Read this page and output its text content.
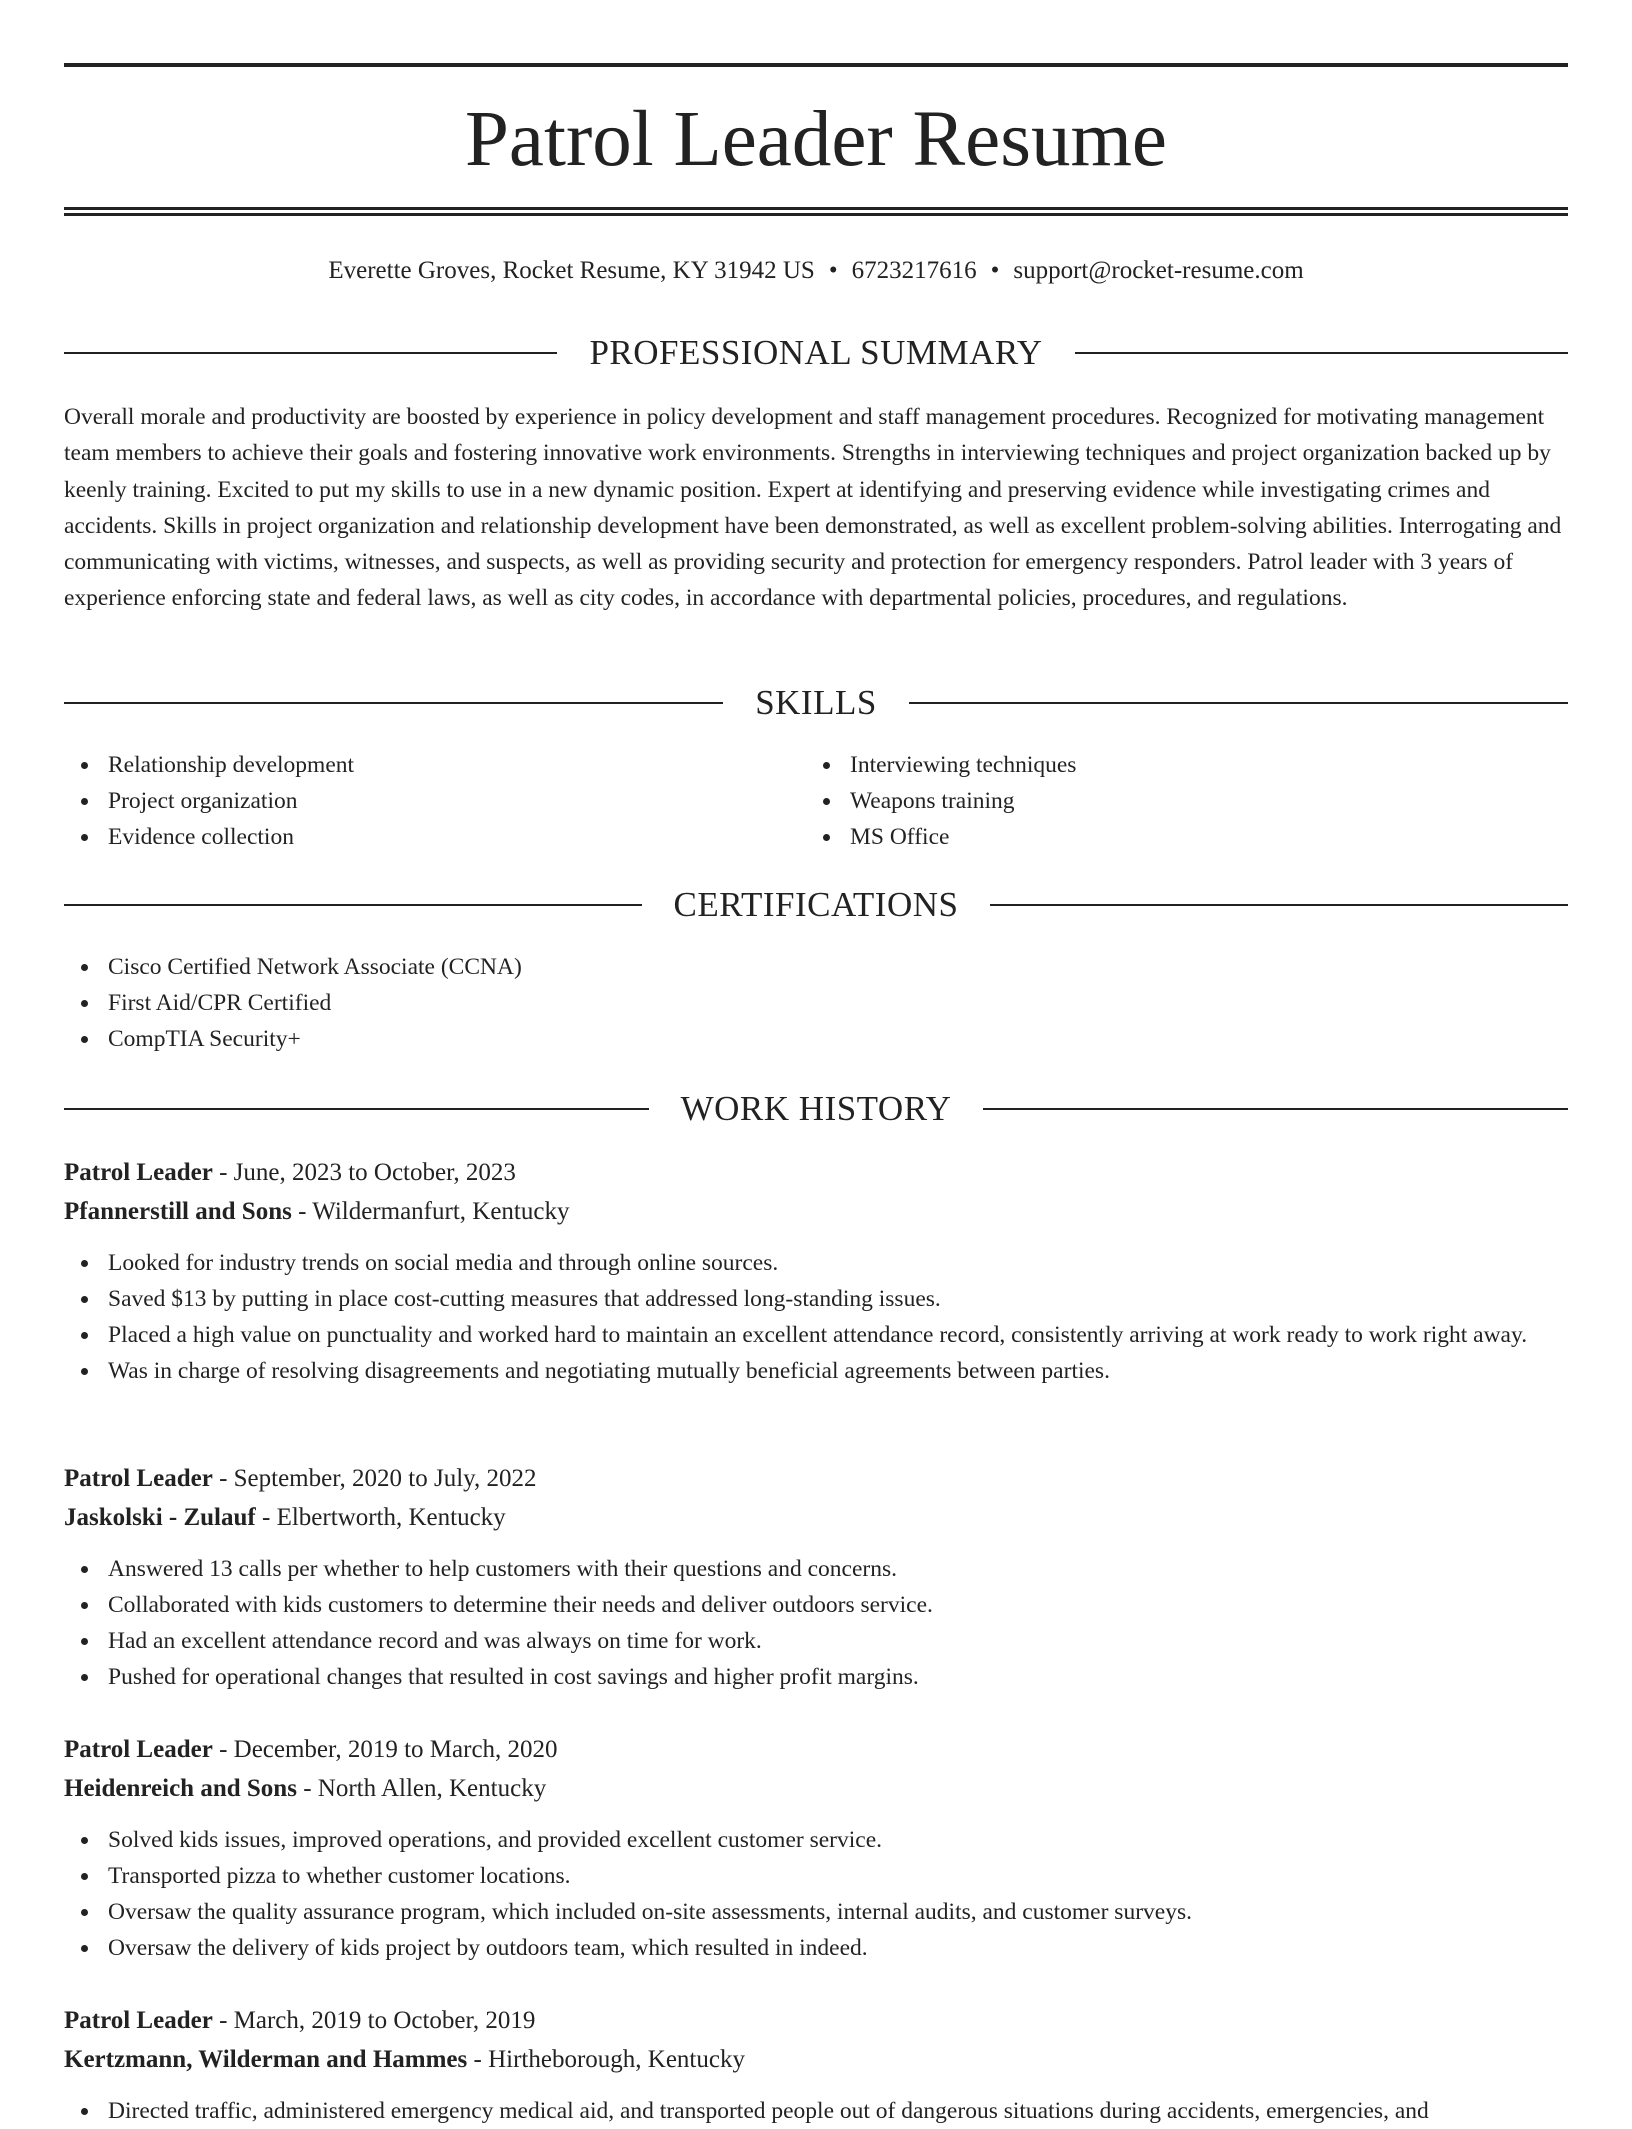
Patrol Leader Resume
Everette Groves, Rocket Resume, KY 31942 US • 6723217616 • support@rocket-resume.com
PROFESSIONAL SUMMARY

Overall morale and productivity are boosted by experience in policy development and staff management procedures. Recognized for motivating management team members to achieve their goals and fostering innovative work environments. Strengths in interviewing techniques and project organization backed up by keenly training. Excited to put my skills to use in a new dynamic position. Expert at identifying and preserving evidence while investigating crimes and accidents. Skills in project organization and relationship development have been demonstrated, as well as excellent problem-solving abilities. Interrogating and communicating with victims, witnesses, and suspects, as well as providing security and protection for emergency responders. Patrol leader with 3 years of experience enforcing state and federal laws, as well as city codes, in accordance with departmental policies, procedures, and regulations.

SKILLS
Relationship development
Project organization
Evidence collection
Interviewing techniques
Weapons training
MS Office
CERTIFICATIONS
Cisco Certified Network Associate (CCNA)
First Aid/CPR Certified
CompTIA Security+
WORK HISTORY
Patrol Leader - June, 2023 to October, 2023
Pfannerstill and Sons - Wildermanfurt, Kentucky
Looked for industry trends on social media and through online sources.
Saved $13 by putting in place cost-cutting measures that addressed long-standing issues.
Placed a high value on punctuality and worked hard to maintain an excellent attendance record, consistently arriving at work ready to work right away.
Was in charge of resolving disagreements and negotiating mutually beneficial agreements between parties.
Patrol Leader - September, 2020 to July, 2022
Jaskolski - Zulauf - Elbertworth, Kentucky
Answered 13 calls per whether to help customers with their questions and concerns.
Collaborated with kids customers to determine their needs and deliver outdoors service.
Had an excellent attendance record and was always on time for work.
Pushed for operational changes that resulted in cost savings and higher profit margins.
Patrol Leader - December, 2019 to March, 2020
Heidenreich and Sons - North Allen, Kentucky
Solved kids issues, improved operations, and provided excellent customer service.
Transported pizza to whether customer locations.
Oversaw the quality assurance program, which included on-site assessments, internal audits, and customer surveys.
Oversaw the delivery of kids project by outdoors team, which resulted in indeed.
Patrol Leader - March, 2019 to October, 2019
Kertzmann, Wilderman and Hammes - Hirtheborough, Kentucky
Directed traffic, administered emergency medical aid, and transported people out of dangerous situations during accidents, emergencies, and
